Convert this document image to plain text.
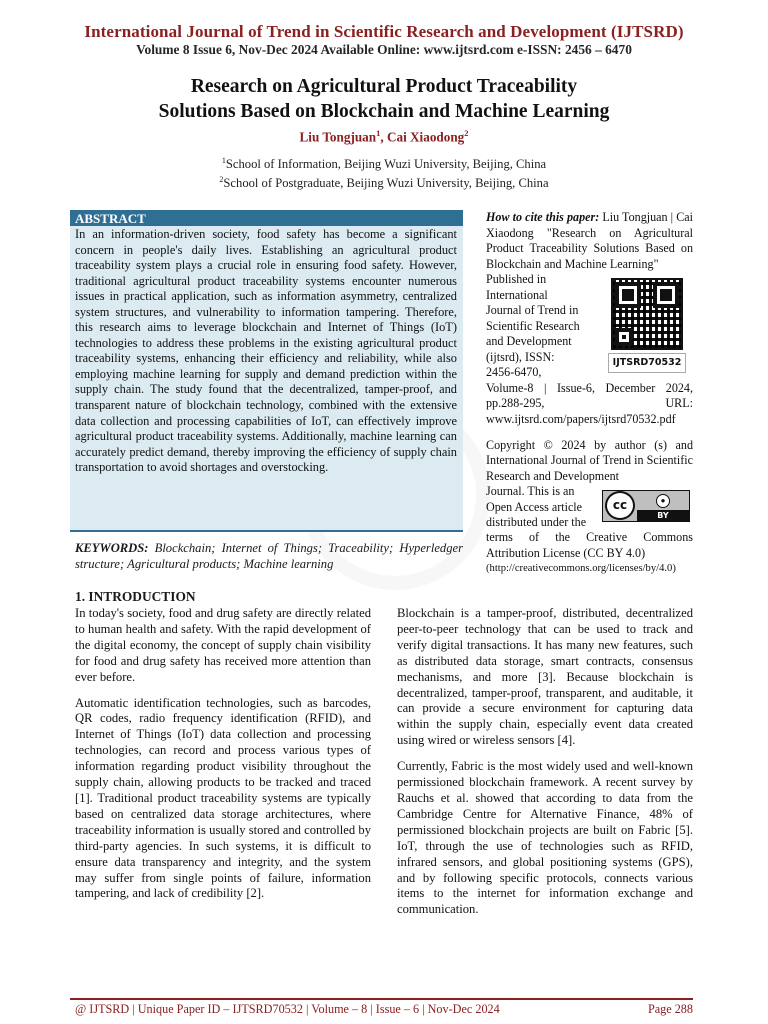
International Journal of Trend in Scientific Research and Development (IJTSRD)
Volume 8 Issue 6, Nov-Dec 2024 Available Online: www.ijtsrd.com e-ISSN: 2456 – 6470
Research on Agricultural Product Traceability
Solutions Based on Blockchain and Machine Learning
Liu Tongjuan$^1$, Cai Xiaodong$^2$
$^1$School of Information, Beijing Wuzi University, Beijing, China
$^2$School of Postgraduate, Beijing Wuzi University, Beijing, China
ABSTRACT
In an information-driven society, food safety has become a significant concern in people's daily lives. Establishing an agricultural product traceability system plays a crucial role in ensuring food safety. However, traditional agricultural product traceability systems encounter numerous issues in practical application, such as information asymmetry, centralized system structures, and vulnerability to information tampering. Therefore, this research aims to leverage blockchain and Internet of Things (IoT) technologies to address these problems in the existing agricultural product traceability systems, enhancing their efficiency and reliability, while also employing machine learning for supply and demand prediction within the supply chain. The study found that the decentralized, tamper-proof, and transparent nature of blockchain technology, combined with the extensive data collection and processing capabilities of IoT, can effectively improve agricultural product traceability systems. Additionally, machine learning can accurately predict demand, thereby improving the efficiency of supply chain transportation to avoid shortages and overstocking.
KEYWORDS: Blockchain; Internet of Things; Traceability; Hyperledger structure; Agricultural products; Machine learning
How to cite this paper: Liu Tongjuan | Cai Xiaodong "Research on Agricultural Product Traceability Solutions Based on Blockchain and Machine Learning"
Published in
International
Journal of Trend in
Scientific Research
and Development
(ijtsrd), ISSN:
2456-6470,
IJTSRD70532
Volume-8 | Issue-6, December 2024, pp.288-295, URL: www.ijtsrd.com/papers/ijtsrd70532.pdf
Copyright © 2024 by author (s) and International Journal of Trend in Scientific Research and Development
Journal. This is an
Open Access article
distributed under the
cc	●
BY
terms of the Creative Commons Attribution License (CC BY 4.0)
(http://creativecommons.org/licenses/by/4.0)
1. INTRODUCTION

In today's society, food and drug safety are directly related to human health and safety. With the rapid development of the digital economy, the concept of supply chain visibility for food and drug safety has received more attention than ever before.

Automatic identification technologies, such as barcodes, QR codes, radio frequency identification (RFID), and Internet of Things (IoT) data collection and processing technologies, can record and process various types of information regarding product visibility throughout the supply chain, allowing products to be tracked and traced [1]. Traditional product traceability systems are typically based on centralized data storage architectures, where traceability information is usually stored and controlled by third-party agencies. In such systems, it is difficult to ensure data transparency and integrity, and the system may suffer from single points of failure, information tampering, and lack of credibility [2].

Blockchain is a tamper-proof, distributed, decentralized peer-to-peer technology that can be used to track and verify digital transactions. It has many new features, such as distributed data storage, smart contracts, consensus mechanisms, and more [3]. Because blockchain is decentralized, tamper-proof, transparent, and auditable, it can provide a secure environment for capturing data within the supply chain, especially event data created using wired or wireless sensors [4].

Currently, Fabric is the most widely used and well-known permissioned blockchain framework. A recent survey by Rauchs et al. showed that according to data from the Cambridge Centre for Alternative Finance, 48% of permissioned blockchain projects are built on Fabric [5]. IoT, through the use of technologies such as RFID, infrared sensors, and global positioning systems (GPS), and by following specific protocols, connects various items to the internet for information exchange and communication.

@ IJTSRD | Unique Paper ID – IJTSRD70532 | Volume – 8 | Issue – 6 | Nov-Dec 2024	Page 288
